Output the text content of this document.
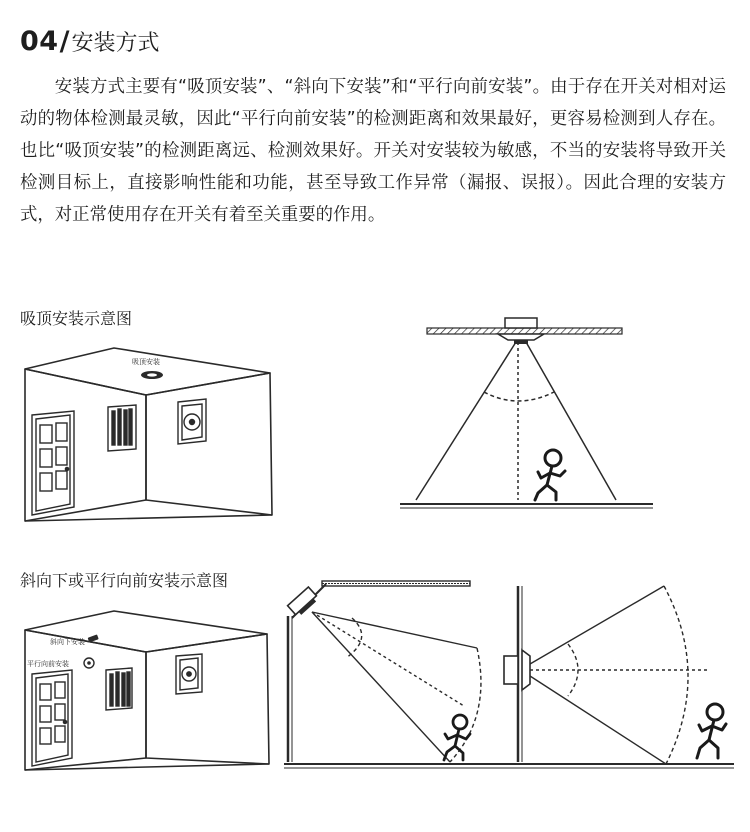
04 / 安装方式

安装方式主要有“吸顶安装”、“斜向下安装”和“平行向前安装”。由于存在开关对相对运动的物体检测最灵敏，因此“平行向前安装”的检测距离和效果最好，更容易检测到人存在。也比“吸顶安装”的检测距离远、检测效果好。开关对安装较为敏感，不当的安装将导致开关检测目标上，直接影响性能和功能，甚至导致工作异常（漏报、误报）。因此合理的安装方式，对正常使用存在开关有着至关重要的作用。

吸顶安装示意图
斜向下或平行向前安装示意图
吸顶安装
斜向下安装
平行向前安装
